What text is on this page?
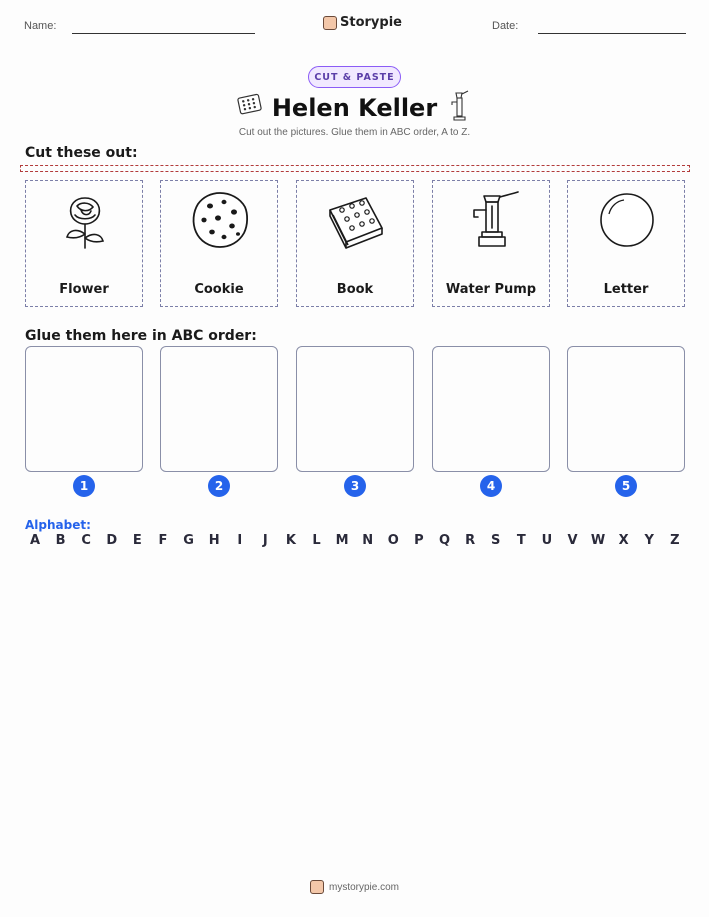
Name:	Storypie	Date:
CUT & PASTE
Helen Keller
Cut out the pictures. Glue them in ABC order, A to Z.
Cut these out:
Flower	Cookie	Book	Water Pump	Letter
Glue them here in ABC order:
1	2	3	4	5
Alphabet:
A	B	C	D	E	F	G	H	I	J	K	L	M	N	O	P	Q	R	S	T	U	V	W	X	Y	Z
mystorypie.com
